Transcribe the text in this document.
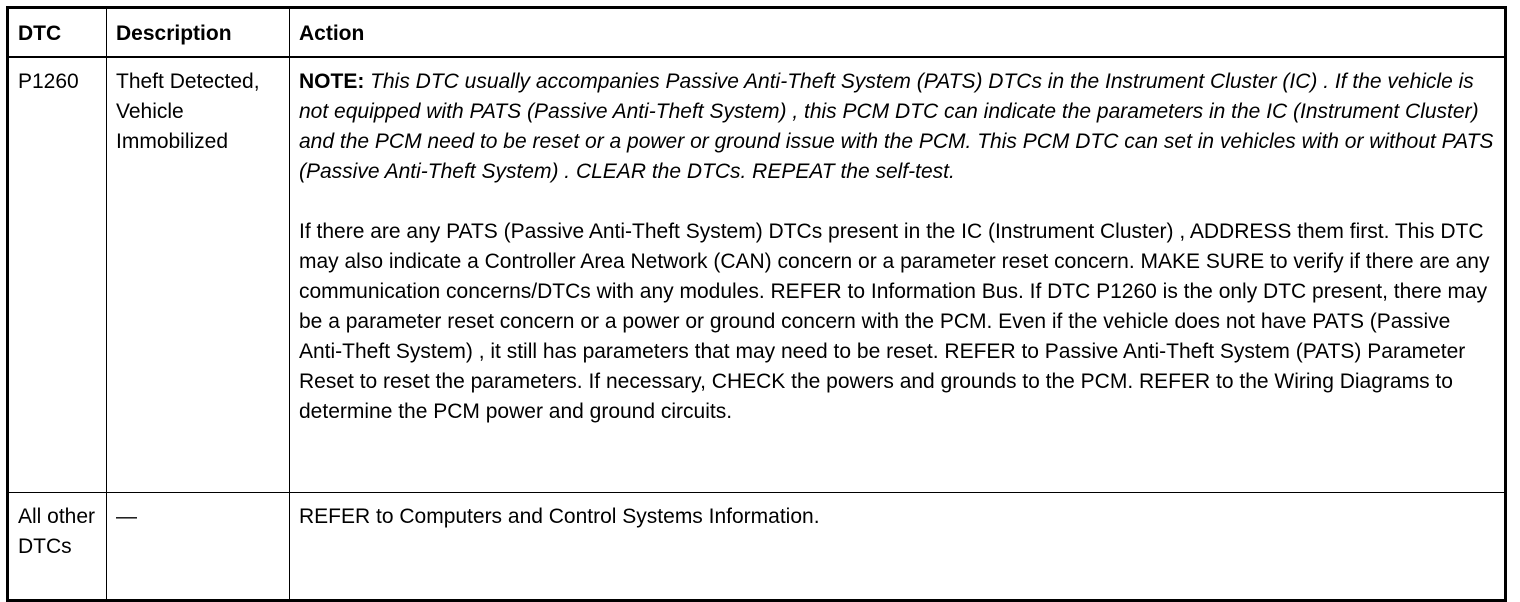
DTC	Description	Action
P1260	Theft Detected, Vehicle Immobilized	NOTE: This DTC usually accompanies Passive Anti-Theft System (PATS) DTCs in the Instrument Cluster (IC) . If the vehicle is not equipped with PATS (Passive Anti-Theft System) , this PCM DTC can indicate the parameters in the IC (Instrument Cluster) and the PCM need to be reset or a power or ground issue with the PCM. This PCM DTC can set in vehicles with or without PATS (Passive Anti-Theft System) . CLEAR the DTCs. REPEAT the self-test.

If there are any PATS (Passive Anti-Theft System) DTCs present in the IC (Instrument Cluster) , ADDRESS them first. This DTC may also indicate a Controller Area Network (CAN) concern or a parameter reset concern. MAKE SURE to verify if there are any communication concerns/DTCs with any modules. REFER to Information Bus. If DTC P1260 is the only DTC present, there may be a parameter reset concern or a power or ground concern with the PCM. Even if the vehicle does not have PATS (Passive Anti-Theft System) , it still has parameters that may need to be reset. REFER to Passive Anti-Theft System (PATS) Parameter Reset to reset the parameters. If necessary, CHECK the powers and grounds to the PCM. REFER to the Wiring Diagrams to determine the PCM power and ground circuits.

All other DTCs	—	REFER to Computers and Control Systems Information.
